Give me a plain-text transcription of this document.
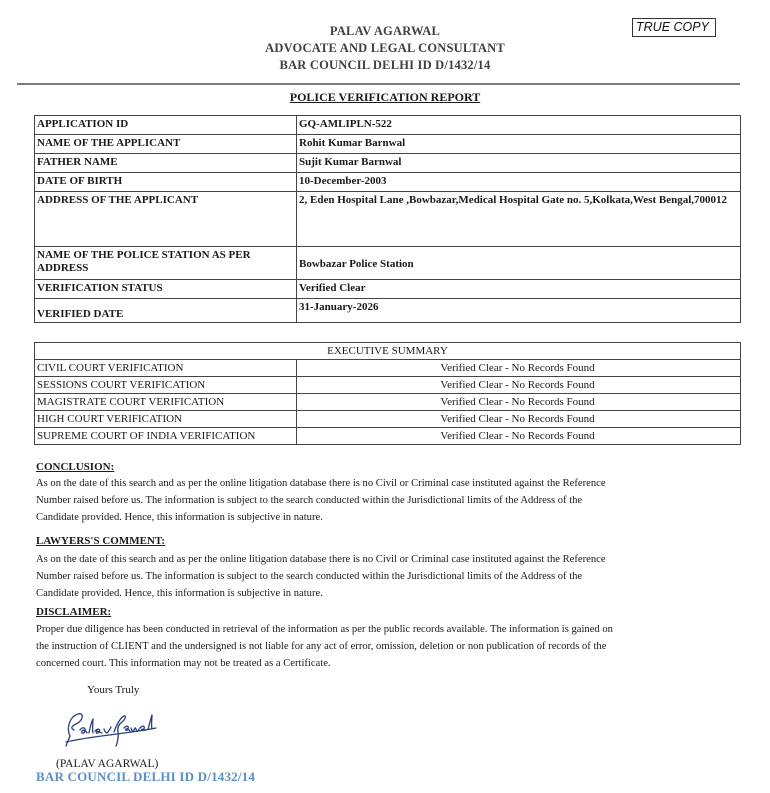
PALAV AGARWAL
ADVOCATE AND LEGAL CONSULTANT
BAR COUNCIL DELHI ID D/1432/14
TRUE COPY
POLICE VERIFICATION REPORT
APPLICATION ID	GQ-AMLIPLN-522
NAME OF THE APPLICANT	Rohit Kumar Barnwal
FATHER NAME	Sujit Kumar Barnwal
DATE OF BIRTH	10-December-2003
ADDRESS OF THE APPLICANT	2, Eden Hospital Lane ,Bowbazar,Medical Hospital Gate no. 5,Kolkata,West Bengal,700012
NAME OF THE POLICE STATION AS PER ADDRESS	Bowbazar Police Station
VERIFICATION STATUS	Verified Clear
VERIFIED DATE	31-January-2026
EXECUTIVE SUMMARY	
CIVIL COURT VERIFICATION	Verified Clear - No Records Found
SESSIONS COURT VERIFICATION	Verified Clear - No Records Found
MAGISTRATE COURT VERIFICATION	Verified Clear - No Records Found
HIGH COURT VERIFICATION	Verified Clear - No Records Found
SUPREME COURT OF INDIA VERIFICATION	Verified Clear - No Records Found
CONCLUSION:
As on the date of this search and as per the online litigation database there is no Civil or Criminal case instituted against the Reference
Number raised before us. The information is subject to the search conducted within the Jurisdictional limits of the Address of the
Candidate provided. Hence, this information is subjective in nature.
LAWYERS'S COMMENT:
As on the date of this search and as per the online litigation database there is no Civil or Criminal case instituted against the Reference
Number raised before us. The information is subject to the search conducted within the Jurisdictional limits of the Address of the
Candidate provided. Hence, this information is subjective in nature.
DISCLAIMER:
Proper due diligence has been conducted in retrieval of the information as per the public records available. The information is gained on
the instruction of CLIENT and the undersigned is not liable for any act of error, omission, deletion or non publication of records of the
concerned court. This information may not be treated as a Certificate.
Yours Truly
(PALAV AGARWAL)
BAR COUNCIL DELHI ID D/1432/14
